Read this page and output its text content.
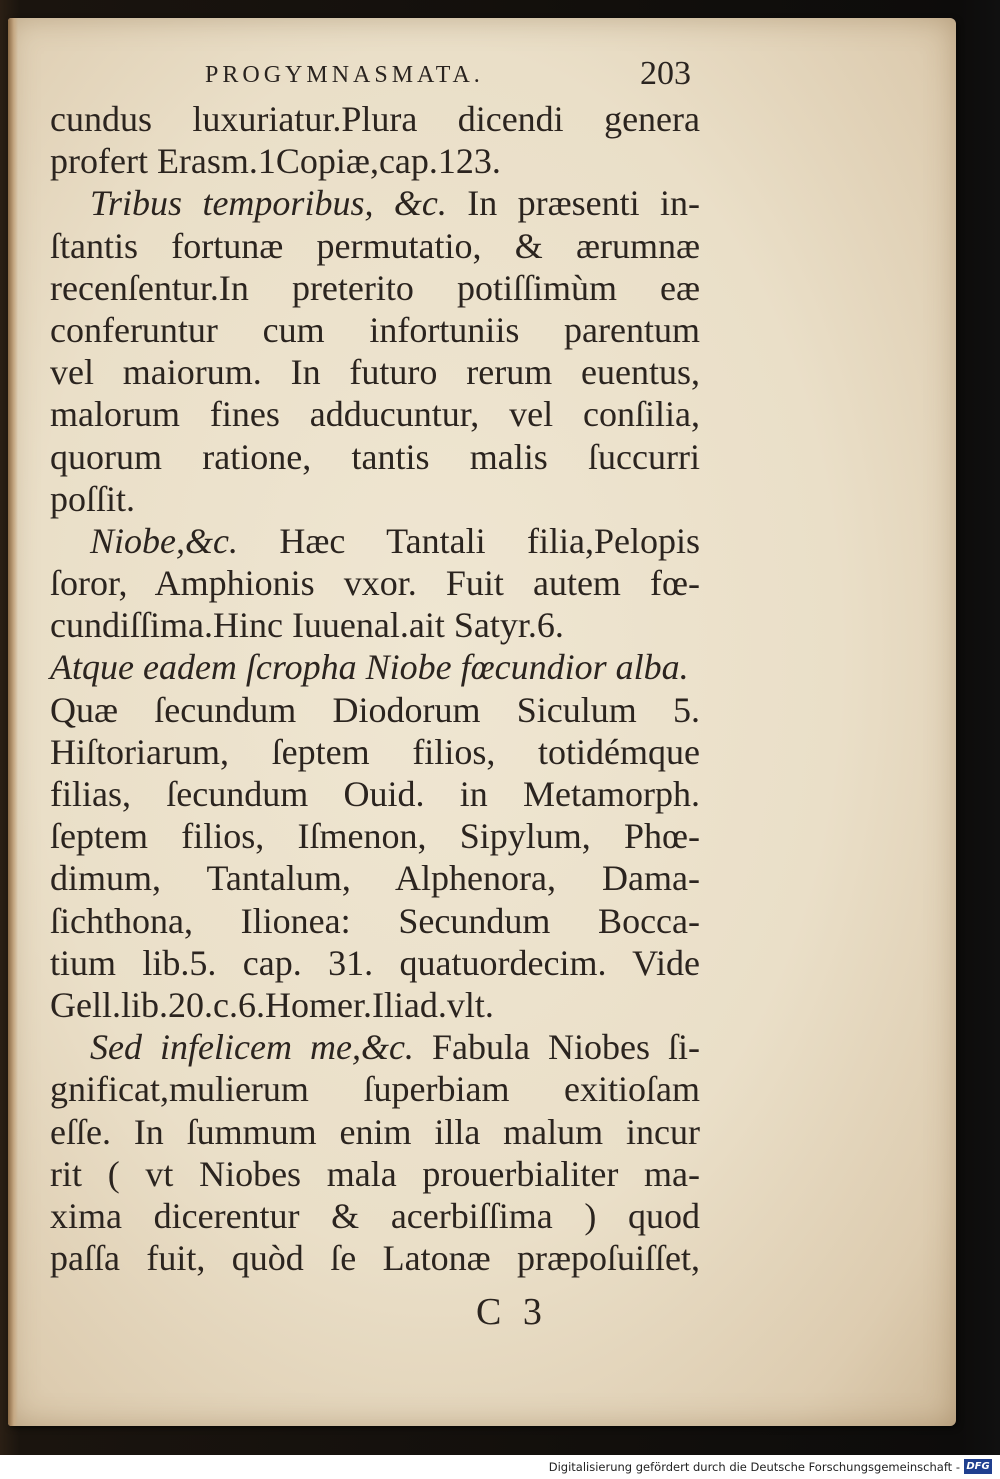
PROGYMNASMATA.	203
cundus luxuriatur.Plura dicendi genera
profert Erasm.1Copiæ,cap.123.
Tribus temporibus, &c. In præsenti in-
ſtantis fortunæ permutatio, & ærumnæ
recenſentur.In preterito potiſſimùm eæ
conferuntur cum infortuniis parentum
vel maiorum. In futuro rerum euentus,
malorum fines adducuntur, vel conſilia,
quorum ratione, tantis malis ſuccurri
poſſit.
Niobe,&c. Hæc Tantali filia,Pelopis
ſoror, Amphionis vxor. Fuit autem fœ-
cundiſſima.Hinc Iuuenal.ait Satyr.6.
Atque eadem ſcropha Niobe fœcundior alba.
Quæ ſecundum Diodorum Siculum 5.
Hiſtoriarum, ſeptem filios, totidémque
filias, ſecundum Ouid. in Metamorph.
ſeptem filios, Iſmenon, Sipylum, Phœ-
dimum, Tantalum, Alphenora, Dama-
ſichthona, Ilionea: Secundum Bocca-
tium lib.5. cap. 31. quatuordecim. Vide
Gell.lib.20.c.6.Homer.Iliad.vlt.
Sed infelicem me,&c. Fabula Niobes ſi-
gnificat,mulierum ſuperbiam exitioſam
eſſe. In ſummum enim illa malum incur
rit ( vt Niobes mala prouerbialiter ma-
xima dicerentur & acerbiſſima ) quod
paſſa fuit, quòd ſe Latonæ præpoſuiſſet,
C 3
Digitalisierung gefördert durch die Deutsche Forschungsgemeinschaft - DFG
